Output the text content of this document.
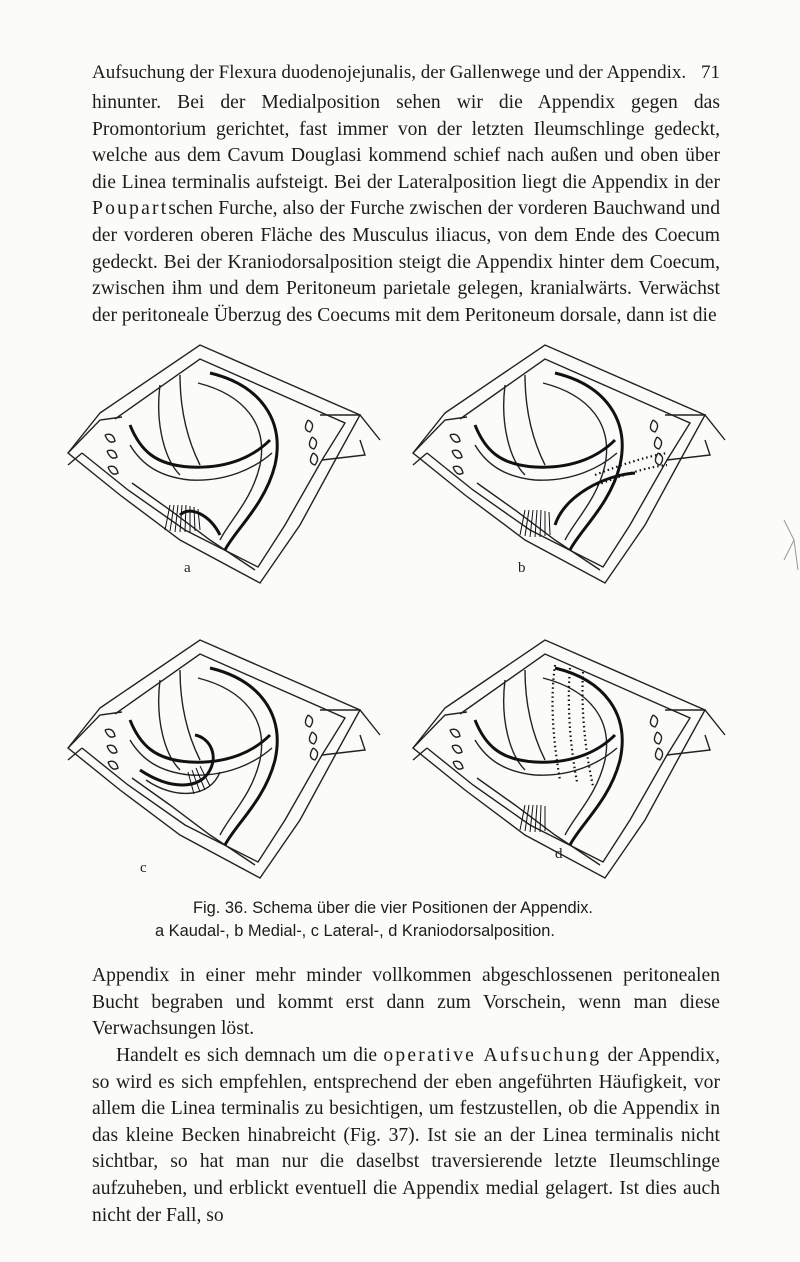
Aufsuchung der Flexura duodenojejunalis, der Gallenwege und der Appendix. 71

hinunter. Bei der Medialposition sehen wir die Appendix gegen das Promontorium gerichtet, fast immer von der letzten Ileumschlinge gedeckt, welche aus dem Cavum Douglasi kommend schief nach außen und oben über die Linea terminalis aufsteigt. Bei der Lateralposition liegt die Appendix in der Poupartschen Furche, also der Furche zwischen der vorderen Bauchwand und der vorderen oberen Fläche des Musculus iliacus, von dem Ende des Coecum gedeckt. Bei der Kraniodorsalposition steigt die Appendix hinter dem Coecum, zwischen ihm und dem Peritoneum parietale gelegen, kranialwärts. Verwächst der peritoneale Überzug des Coecums mit dem Peritoneum dorsale, dann ist die

a	b
c
d
Fig. 36. Schema über die vier Positionen der Appendix.
a Kaudal-, b Medial-, c Lateral-, d Kraniodorsalposition.

Appendix in einer mehr minder vollkommen abgeschlossenen peritonealen Bucht begraben und kommt erst dann zum Vorschein, wenn man diese Verwachsungen löst.

Handelt es sich demnach um die operative Aufsuchung der Appendix, so wird es sich empfehlen, entsprechend der eben angeführten Häufigkeit, vor allem die Linea terminalis zu besichtigen, um festzustellen, ob die Appendix in das kleine Becken hinabreicht (Fig. 37). Ist sie an der Linea terminalis nicht sichtbar, so hat man nur die daselbst traversierende letzte Ileumschlinge aufzuheben, und erblickt eventuell die Appendix medial gelagert. Ist dies auch nicht der Fall, so
